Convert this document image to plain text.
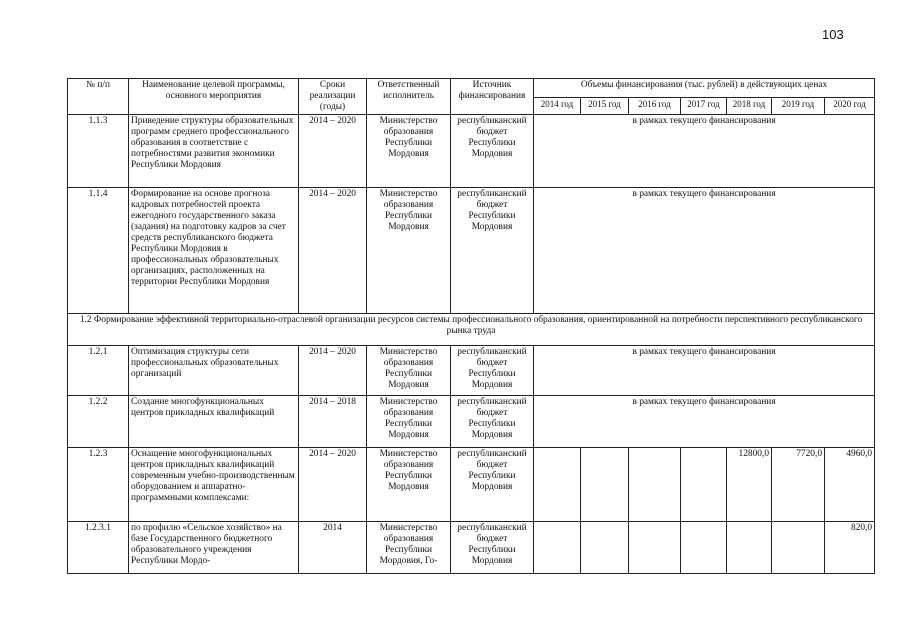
103
№ п/п	Наименование целевой программы, основного мероприятия	Сроки реализации (годы)	Ответственный исполнитель	Источник финансирования	Объемы финансирования (тыс. рублей) в действующих ценах						
					2014 год	2015 год	2016 год	2017 год	2018 год	2019 год	2020 год
1.1.3	Приведение структуры образовательных программ среднего профессионального образования в соответствие с потребностями развития экономики Республики Мордовия	2014 – 2020	Министерство образования Республики Мордовия	республиканский бюджет Республики Мордовия	в рамках текущего финансирования						
1.1.4	Формирование на основе прогноза кадровых потребностей проекта ежегодного государственного заказа (задания) на подготовку кадров за счет средств республиканского бюджета Республики Мордовия в профессиональных образовательных организациях, расположенных на территории Республики Мордовия	2014 – 2020	Министерство образования Республики Мордовия	республиканский бюджет Республики Мордовия	в рамках текущего финансирования						
1.2 Формирование эффективной территориально-отраслевой организации ресурсов системы профессионального образования, ориентированной на потребности перспективного республиканского рынка труда											
1.2.1	Оптимизация структуры сети профессиональных образовательных организаций	2014 – 2020	Министерство образования Республики Мордовия	республиканский бюджет Республики Мордовия	в рамках текущего финансирования						
1.2.2	Создание многофункциональных центров прикладных квалификаций	2014 – 2018	Министерство образования Республики Мордовия	республиканский бюджет Республики Мордовия	в рамках текущего финансирования						
1.2.3	Оснащение многофункциональных центров прикладных квалификаций современным учебно-производственным оборудованием и аппаратно-программными комплексами:	2014 – 2020	Министерство образования Республики Мордовия	республиканский бюджет Республики Мордовия					12800,0	7720,0	4960,0
1.2.3.1	по профилю «Сельское хозяйство» на базе Государственного бюджетного образовательного учреждения Республики Мордо-	2014	Министерство образования Республики Мордовия, Го-	республиканский бюджет Республики Мордовия							820,0
